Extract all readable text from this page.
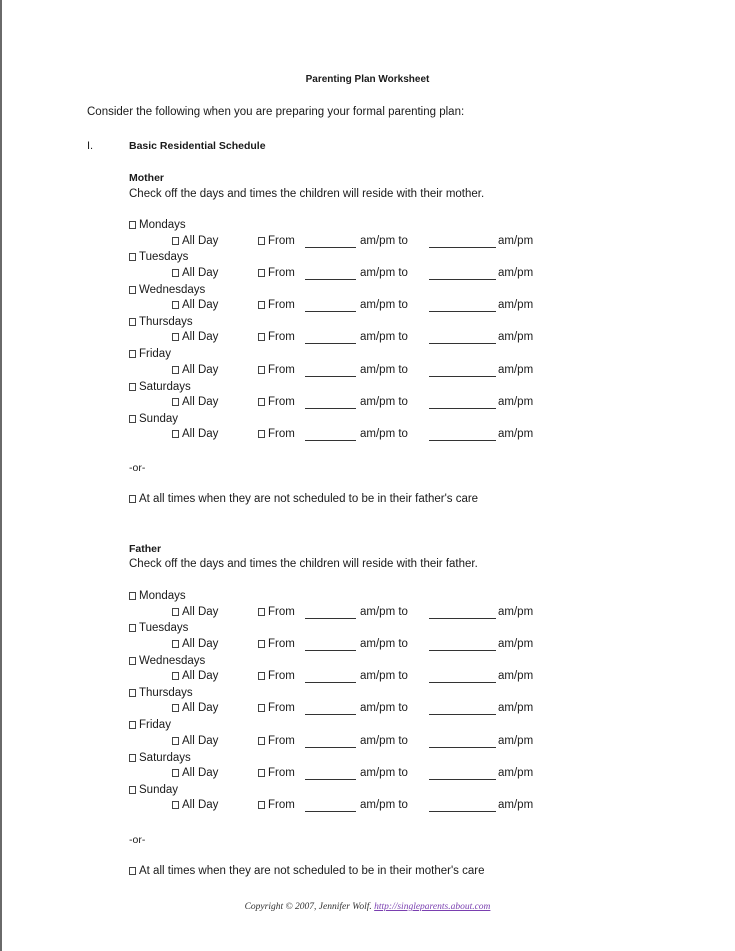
Parenting Plan Worksheet
Consider the following when you are preparing your formal parenting plan:
I.	Basic Residential Schedule
Mother
Check off the days and times the children will reside with their mother.
Mondays
All Day	From	am/pm to	am/pm
Tuesdays
All Day	From	am/pm to	am/pm
Wednesdays
All Day	From	am/pm to	am/pm
Thursdays
All Day	From	am/pm to	am/pm
Friday
All Day	From	am/pm to	am/pm
Saturdays
All Day	From	am/pm to	am/pm
Sunday
All Day	From	am/pm to	am/pm
-or-
At all times when they are not scheduled to be in their father's care
Father
Check off the days and times the children will reside with their father.
Mondays
All Day	From	am/pm to	am/pm
Tuesdays
All Day	From	am/pm to	am/pm
Wednesdays
All Day	From	am/pm to	am/pm
Thursdays
All Day	From	am/pm to	am/pm
Friday
All Day	From	am/pm to	am/pm
Saturdays
All Day	From	am/pm to	am/pm
Sunday
All Day	From	am/pm to	am/pm
-or-
At all times when they are not scheduled to be in their mother's care
Copyright © 2007, Jennifer Wolf. http://singleparents.about.com
